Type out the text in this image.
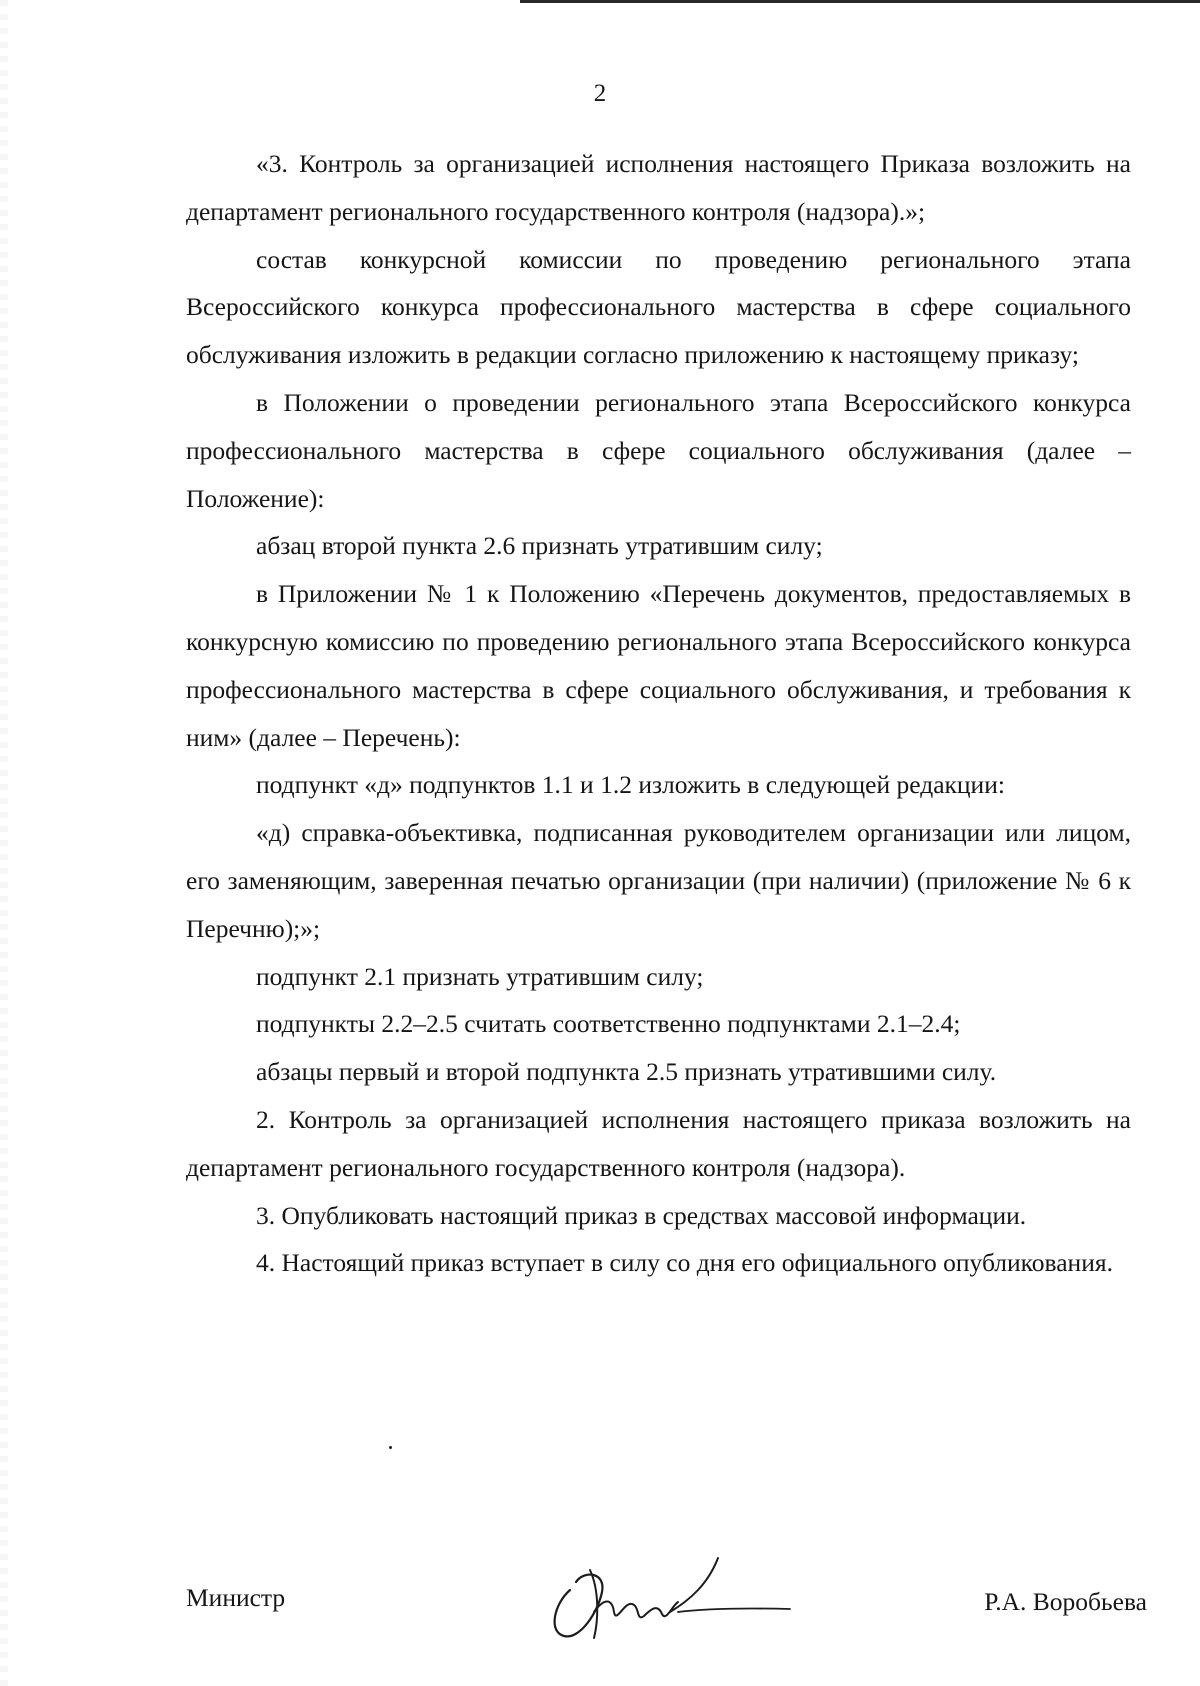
2

«3. Контроль за организацией исполнения настоящего Приказа возложить на департамент регионального государственного контроля (надзора).»;

состав конкурсной комиссии по проведению регионального этапа Всероссийского конкурса профессионального мастерства в сфере социального обслуживания изложить в редакции согласно приложению к настоящему приказу;

в Положении о проведении регионального этапа Всероссийского конкурса профессионального мастерства в сфере социального обслуживания (далее – Положение):

абзац второй пункта 2.6 признать утратившим силу;

в Приложении № 1 к Положению «Перечень документов, предоставляемых в конкурсную комиссию по проведению регионального этапа Всероссийского конкурса профессионального мастерства в сфере социального обслуживания, и требования к ним» (далее – Перечень):

подпункт «д» подпунктов 1.1 и 1.2 изложить в следующей редакции:

«д) справка-объективка, подписанная руководителем организации или лицом, его заменяющим, заверенная печатью организации (при наличии) (приложение № 6 к Перечню);»;

подпункт 2.1 признать утратившим силу;

подпункты 2.2–2.5 считать соответственно подпунктами 2.1–2.4;

абзацы первый и второй подпункта 2.5 признать утратившими силу.

2. Контроль за организацией исполнения настоящего приказа возложить на департамент регионального государственного контроля (надзора).

3. Опубликовать настоящий приказ в средствах массовой информации.

4. Настоящий приказ вступает в силу со дня его официального опубликования.

Министр	Р.А. Воробьева
